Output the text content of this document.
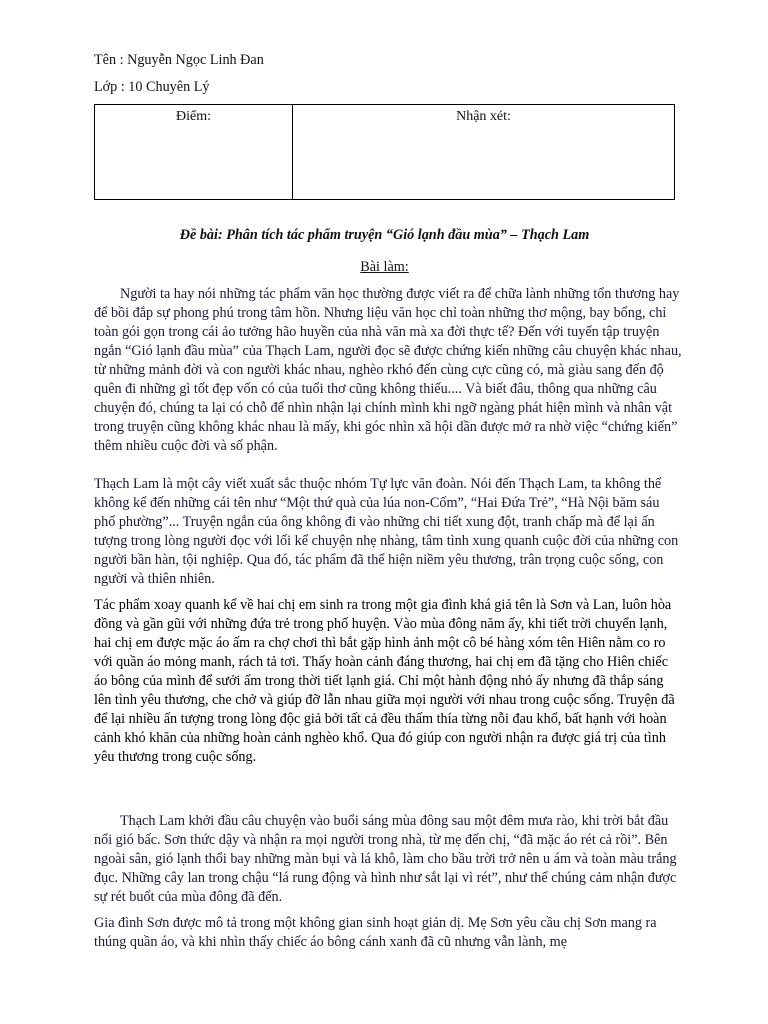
Tên : Nguyễn Ngọc Linh Đan

Lớp : 10 Chuyên Lý

Điểm:	Nhận xét:

Đề bài: Phân tích tác phẩm truyện “Gió lạnh đầu mùa” – Thạch Lam

Bài làm:

Người ta hay nói những tác phẩm văn học thường được viết ra để chữa lành những tổn thương hay để bồi đắp sự phong phú trong tâm hồn. Nhưng liệu văn học chỉ toàn những thơ mộng, bay bổng, chỉ toàn gói gọn trong cái ảo tưởng hão huyền của nhà văn mà xa đời thực tế? Đến với tuyển tập truyện ngắn “Gió lạnh đầu mùa” của Thạch Lam, người đọc sẽ được chứng kiến những câu chuyện khác nhau, từ những mảnh đời và con người khác nhau, nghèo rkhó đến cùng cực cũng có, mà giàu sang đến độ quên đi những gì tốt đẹp vốn có của tuổi thơ cũng không thiếu.... Và biết đâu, thông qua những câu chuyện đó, chúng ta lại có chỗ để nhìn nhận lại chính mình khi ngỡ ngàng phát hiện mình và nhân vật trong truyện cũng không khác nhau là mấy, khi góc nhìn xã hội dần được mở ra nhờ việc “chứng kiến” thêm nhiều cuộc đời và số phận.

Thạch Lam là một cây viết xuất sắc thuộc nhóm Tự lực văn đoàn. Nói đến Thạch Lam, ta không thể không kể đến những cái tên như “Một thứ quà của lúa non-Cốm”, “Hai Đứa Trẻ”, “Hà Nội băm sáu phố phường”... Truyện ngắn của ông không đi vào những chi tiết xung đột, tranh chấp mà để lại ấn tượng trong lòng người đọc với lối kể chuyện nhẹ nhàng, tâm tình xung quanh cuộc đời của những con người bần hàn, tội nghiệp. Qua đó, tác phẩm đã thể hiện niềm yêu thương, trân trọng cuộc sống, con người và thiên nhiên.

Tác phẩm xoay quanh kể về hai chị em sinh ra trong một gia đình khá giả tên là Sơn và Lan, luôn hòa đồng và gần gũi với những đứa trẻ trong phố huyện. Vào mùa đông năm ấy, khi tiết trời chuyển lạnh, hai chị em được mặc áo ấm ra chợ chơi thì bắt gặp hình ảnh một cô bé hàng xóm tên Hiên nằm co ro với quần áo mỏng manh, rách tả tơi. Thấy hoàn cảnh đáng thương, hai chị em đã tặng cho Hiên chiếc áo bông của mình để sưởi ấm trong thời tiết lạnh giá. Chỉ một hành động nhỏ ấy nhưng đã thắp sáng lên tình yêu thương, che chở và giúp đỡ lẫn nhau giữa mọi người với nhau trong cuộc sống. Truyện đã để lại nhiều ấn tượng trong lòng độc giả bởi tất cả đều thấm thía từng nỗi đau khổ, bất hạnh với hoàn cảnh khó khăn của những hoàn cảnh nghèo khổ. Qua đó giúp con người nhận ra được giá trị của tình yêu thương trong cuộc sống.

Thạch Lam khởi đầu câu chuyện vào buổi sáng mùa đông sau một đêm mưa rào, khi trời bắt đầu nổi gió bấc. Sơn thức dậy và nhận ra mọi người trong nhà, từ mẹ đến chị, “đã mặc áo rét cả rồi”. Bên ngoài sân, gió lạnh thổi bay những màn bụi và lá khô, làm cho bầu trời trở nên u ám và toàn màu trắng đục. Những cây lan trong chậu “lá rung động và hình như sắt lại vì rét”, như thể chúng cảm nhận được sự rét buốt của mùa đông đã đến.

Gia đình Sơn được mô tả trong một không gian sinh hoạt giản dị. Mẹ Sơn yêu cầu chị Sơn mang ra thúng quần áo, và khi nhìn thấy chiếc áo bông cánh xanh đã cũ nhưng vẫn lành, mẹ
